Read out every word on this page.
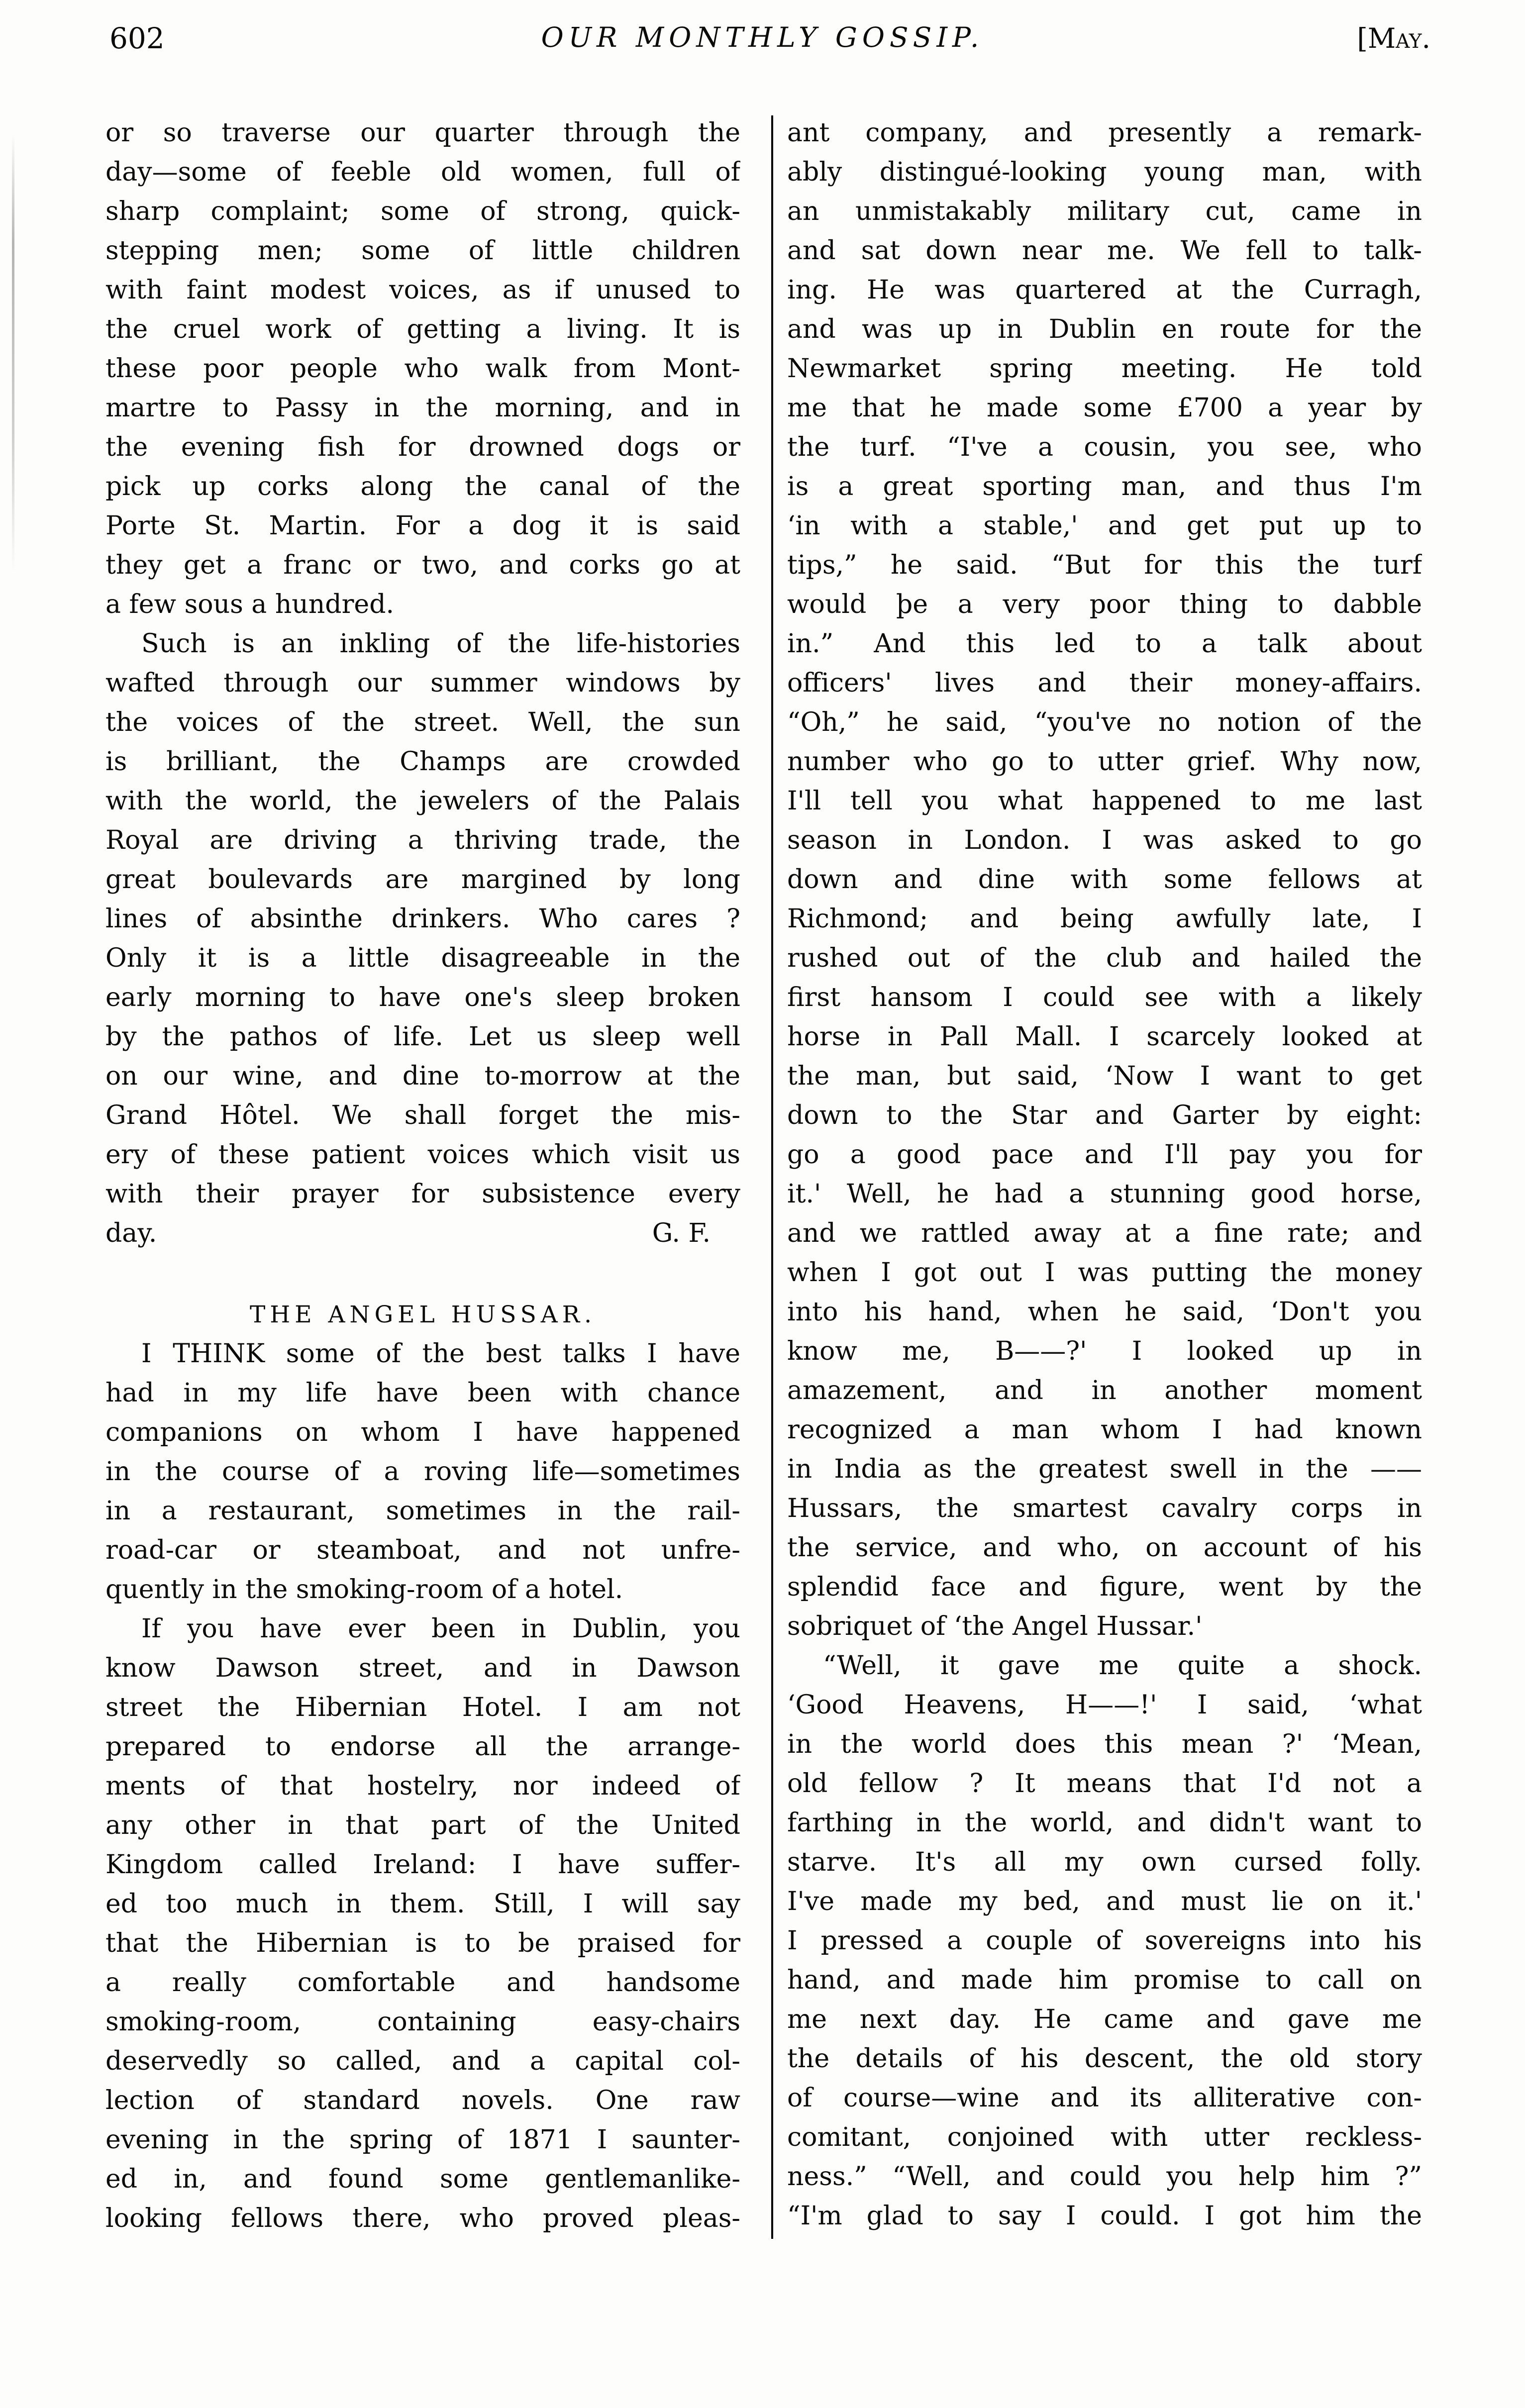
602	OUR MONTHLY GOSSIP.	[May.
or so traverse our quarter through the
day—some of feeble old women, full of
sharp complaint; some of strong, quick-
stepping men; some of little children
with faint modest voices, as if unused to
the cruel work of getting a living. It is
these poor people who walk from Mont-
martre to Passy in the morning, and in
the evening fish for drowned dogs or
pick up corks along the canal of the
Porte St. Martin. For a dog it is said
they get a franc or two, and corks go at
a few sous a hundred.
Such is an inkling of the life-histories
wafted through our summer windows by
the voices of the street. Well, the sun
is brilliant, the Champs are crowded
with the world, the jewelers of the Palais
Royal are driving a thriving trade, the
great boulevards are margined by long
lines of absinthe drinkers. Who cares ?
Only it is a little disagreeable in the
early morning to have one's sleep broken
by the pathos of life. Let us sleep well
on our wine, and dine to-morrow at the
Grand Hôtel. We shall forget the mis-
ery of these patient voices which visit us
with their prayer for subsistence every
day.	G. F.
THE ANGEL HUSSAR.
I THINK some of the best talks I have
had in my life have been with chance
companions on whom I have happened
in the course of a roving life—sometimes
in a restaurant, sometimes in the rail-
road-car or steamboat, and not unfre-
quently in the smoking-room of a hotel.
If you have ever been in Dublin, you
know Dawson street, and in Dawson
street the Hibernian Hotel. I am not
prepared to endorse all the arrange-
ments of that hostelry, nor indeed of
any other in that part of the United
Kingdom called Ireland: I have suffer-
ed too much in them. Still, I will say
that the Hibernian is to be praised for
a really comfortable and handsome
smoking-room, containing easy-chairs
deservedly so called, and a capital col-
lection of standard novels. One raw
evening in the spring of 1871 I saunter-
ed in, and found some gentlemanlike-
looking fellows there, who proved pleas-
ant company, and presently a remark-
ably distingué-looking young man, with
an unmistakably military cut, came in
and sat down near me. We fell to talk-
ing. He was quartered at the Curragh,
and was up in Dublin en route for the
Newmarket spring meeting. He told
me that he made some £700 a year by
the turf. “I've a cousin, you see, who
is a great sporting man, and thus I'm
‘in with a stable,' and get put up to
tips,” he said. “But for this the turf
would þe a very poor thing to dabble
in.” And this led to a talk about
officers' lives and their money-affairs.
“Oh,” he said, “you've no notion of the
number who go to utter grief. Why now,
I'll tell you what happened to me last
season in London. I was asked to go
down and dine with some fellows at
Richmond; and being awfully late, I
rushed out of the club and hailed the
first hansom I could see with a likely
horse in Pall Mall. I scarcely looked at
the man, but said, ‘Now I want to get
down to the Star and Garter by eight:
go a good pace and I'll pay you for
it.' Well, he had a stunning good horse,
and we rattled away at a fine rate; and
when I got out I was putting the money
into his hand, when he said, ‘Don't you
know me, B——?' I looked up in
amazement, and in another moment
recognized a man whom I had known
in India as the greatest swell in the ——
Hussars, the smartest cavalry corps in
the service, and who, on account of his
splendid face and figure, went by the
sobriquet of ‘the Angel Hussar.'
“Well, it gave me quite a shock.
‘Good Heavens, H——!' I said, ‘what
in the world does this mean ?' ‘Mean,
old fellow ? It means that I'd not a
farthing in the world, and didn't want to
starve. It's all my own cursed folly.
I've made my bed, and must lie on it.'
I pressed a couple of sovereigns into his
hand, and made him promise to call on
me next day. He came and gave me
the details of his descent, the old story
of course—wine and its alliterative con-
comitant, conjoined with utter reckless-
ness.” “Well, and could you help him ?”
“I'm glad to say I could. I got him the
